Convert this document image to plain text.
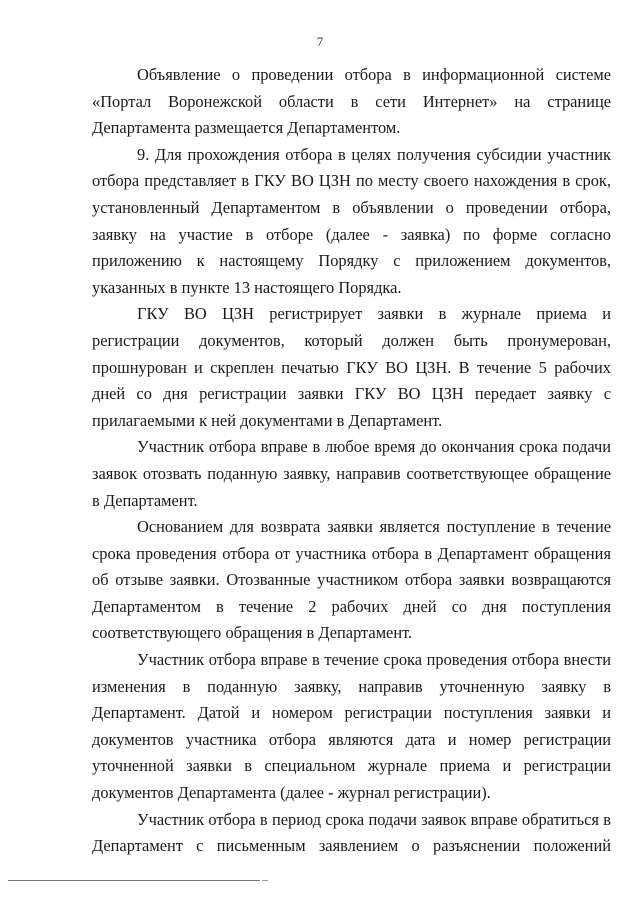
7

Объявление о проведении отбора в информационной системе «Портал Воронежской области в сети Интернет» на странице Департамента размещается Департаментом.

9. Для прохождения отбора в целях получения субсидии участник отбора представляет в ГКУ ВО ЦЗН по месту своего нахождения в срок, установленный Департаментом в объявлении о проведении отбора, заявку на участие в отборе (далее - заявка) по форме согласно приложению к настоящему Порядку с приложением документов, указанных в пункте 13 настоящего Порядка.

ГКУ ВО ЦЗН регистрирует заявки в журнале приема и регистрации документов, который должен быть пронумерован, прошнурован и скреплен печатью ГКУ ВО ЦЗН. В течение 5 рабочих дней со дня регистрации заявки ГКУ ВО ЦЗН передает заявку с прилагаемыми к ней документами в Департамент.

Участник отбора вправе в любое время до окончания срока подачи заявок отозвать поданную заявку, направив соответствующее обращение в Департамент.

Основанием для возврата заявки является поступление в течение срока проведения отбора от участника отбора в Департамент обращения об отзыве заявки. Отозванные участником отбора заявки возвращаются Департаментом в течение 2 рабочих дней со дня поступления соответствующего обращения в Департамент.

Участник отбора вправе в течение срока проведения отбора внести изменения в поданную заявку, направив уточненную заявку в Департамент. Датой и номером регистрации поступления заявки и документов участника отбора являются дата и номер регистрации уточненной заявки в специальном журнале приема и регистрации документов Департамента (далее - журнал регистрации).

Участник отбора в период срока подачи заявок вправе обратиться в Департамент с письменным заявлением о разъяснении положений
